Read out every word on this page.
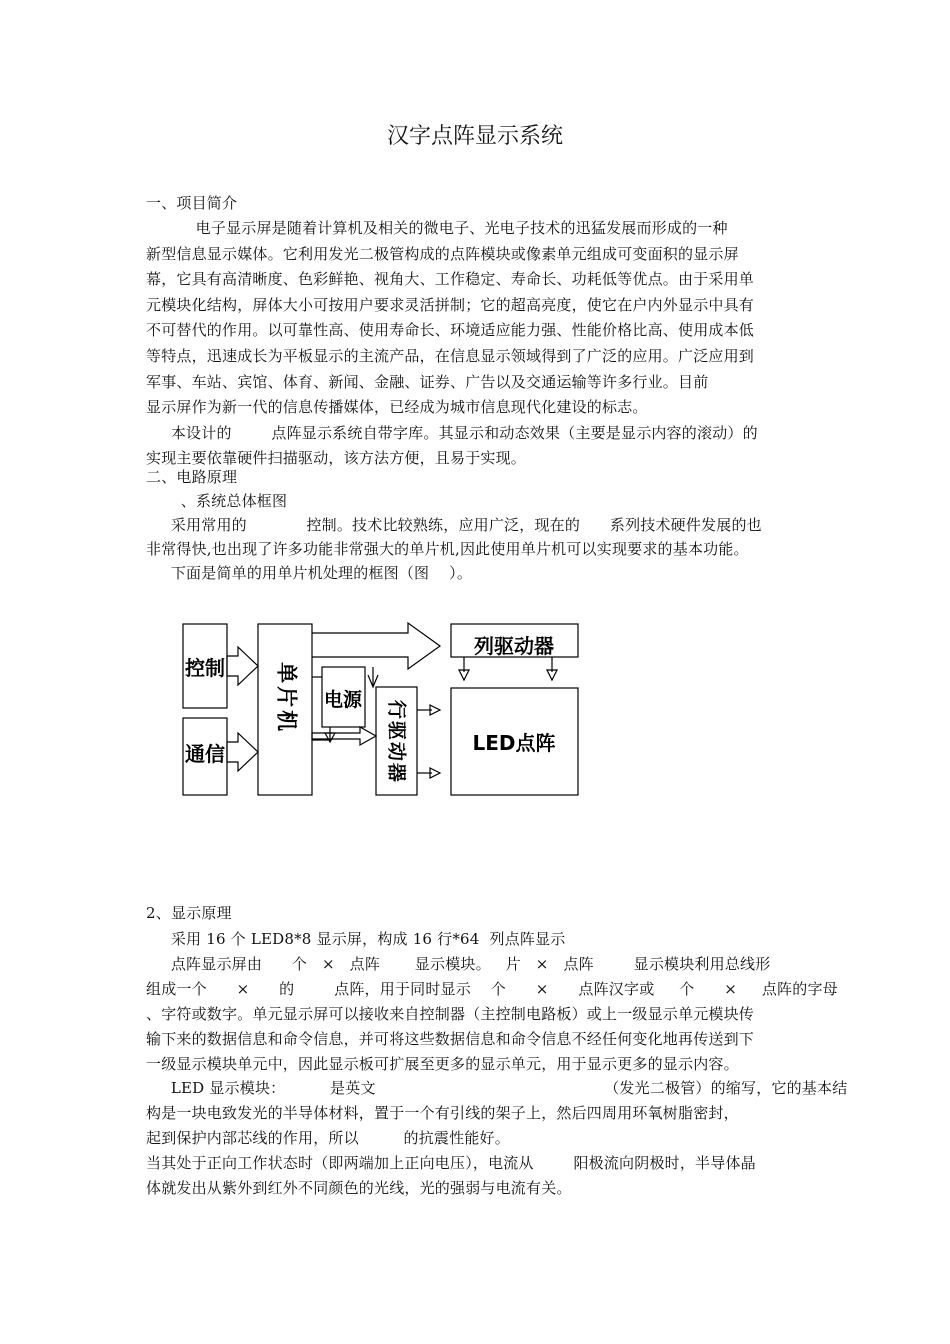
汉字点阵显示系统
一、项目简介
电子显示屏是随着计算机及相关的微电子、光电子技术的迅猛发展而形成的一种
新型信息显示媒体。它利用发光二极管构成的点阵模块或像素单元组成可变面积的显示屏
幕，它具有高清晰度、色彩鲜艳、视角大、工作稳定、寿命长、功耗低等优点。由于采用单
元模块化结构，屏体大小可按用户要求灵活拼制；它的超高亮度，使它在户内外显示中具有
不可替代的作用。以可靠性高、使用寿命长、环境适应能力强、性能价格比高、使用成本低
等特点，迅速成长为平板显示的主流产品，在信息显示领域得到了广泛的应用。广泛应用到
军事、车站、宾馆、体育、新闻、金融、证券、广告以及交通运输等许多行业。目前
显示屏作为新一代的信息传播媒体，已经成为城市信息现代化建设的标志。
本设计的        点阵显示系统自带字库。其显示和动态效果（主要是显示内容的滚动）的
实现主要依靠硬件扫描驱动，该方法方便，且易于实现。
二、电路原理
、系统总体框图
采用常用的            控制。技术比较熟练，应用广泛，现在的      系列技术硬件发展的也
非常得快,也出现了许多功能非常强大的单片机,因此使用单片机可以实现要求的基本功能。
下面是简单的用单片机处理的框图（图    ）。
控制
通信
电源
列驱动器
LED点阵
单
片
机
行
驱
动
器
2、显示原理
采用 16 个 LED8*8 显示屏，构成 16 行*64  列点阵显示
点阵显示屏由      个   ×   点阵       显示模块。   片   ×   点阵        显示模块利用总线形
组成一个      ×      的        点阵，用于同时显示    个      ×      点阵汉字或     个      ×     点阵的字母
、字符或数字。单元显示屏可以接收来自控制器（主控制电路板）或上一级显示单元模块传
输下来的数据信息和命令信息，并可将这些数据信息和命令信息不经任何变化地再传送到下
一级显示模块单元中，因此显示板可扩展至更多的显示单元，用于显示更多的显示内容。
LED 显示模块：         是英文                                              （发光二极管）的缩写，它的基本结
构是一块电致发光的半导体材料，置于一个有引线的架子上，然后四周用环氧树脂密封，
起到保护内部芯线的作用，所以         的抗震性能好。
当其处于正向工作状态时（即两端加上正向电压），电流从        阳极流向阴极时，半导体晶
体就发出从紫外到红外不同颜色的光线，光的强弱与电流有关。
